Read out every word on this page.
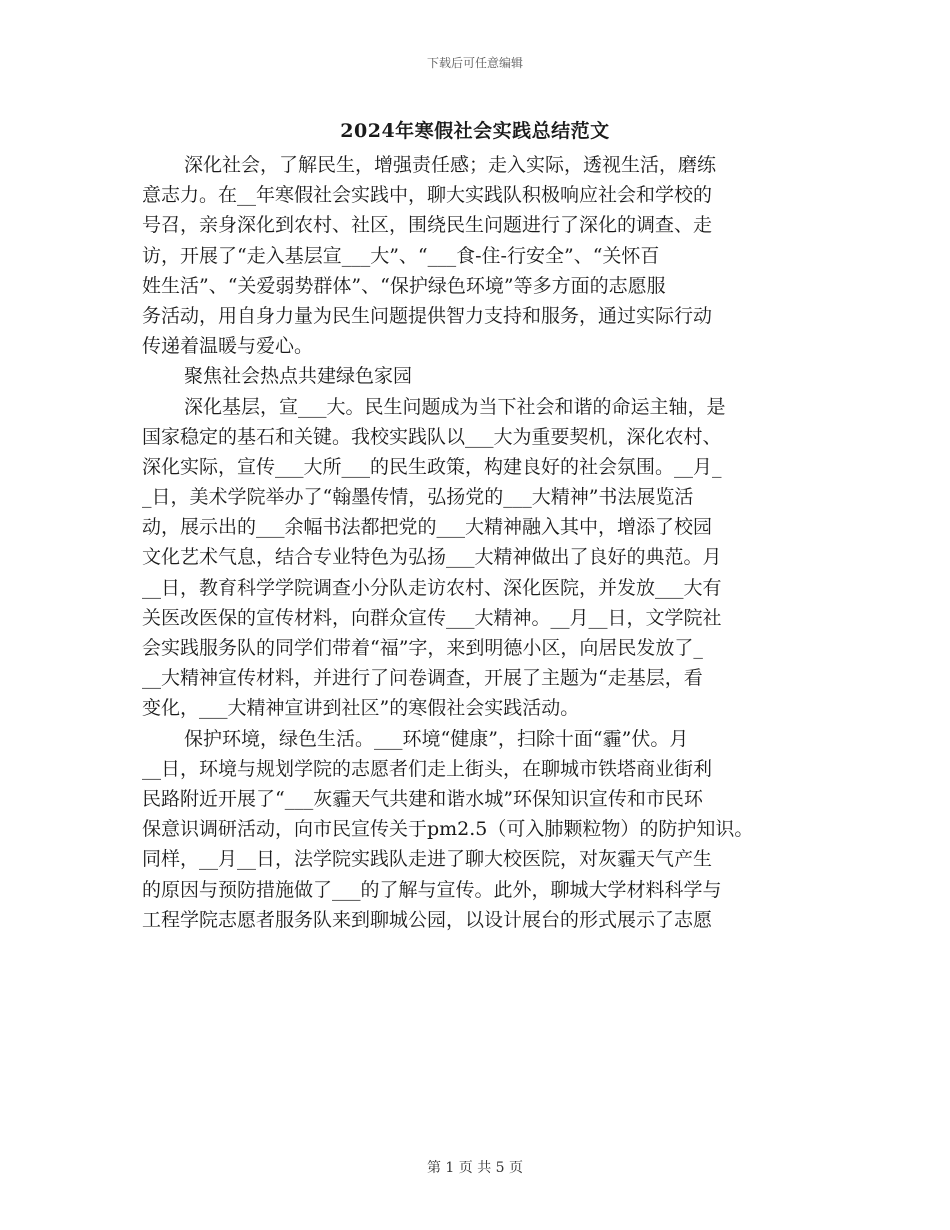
下载后可任意编辑
2024年寒假社会实践总结范文
深化社会，了解民生，增强责任感；走入实际，透视生活，磨练
意志力。在__年寒假社会实践中，聊大实践队积极响应社会和学校的
号召，亲身深化到农村、社区，围绕民生问题进行了深化的调查、走
访，开展了“走入基层宣___大”、“___食-住-行安全”、“关怀百
姓生活”、“关爱弱势群体”、“保护绿色环境”等多方面的志愿服
务活动，用自身力量为民生问题提供智力支持和服务，通过实际行动
传递着温暖与爱心。
聚焦社会热点共建绿色家园
深化基层，宣___大。民生问题成为当下社会和谐的命运主轴，是
国家稳定的基石和关键。我校实践队以___大为重要契机，深化农村、
深化实际，宣传___大所___的民生政策，构建良好的社会氛围。__月_
_日，美术学院举办了“翰墨传情，弘扬党的___大精神”书法展览活
动，展示出的___余幅书法都把党的___大精神融入其中，增添了校园
文化艺术气息，结合专业特色为弘扬___大精神做出了良好的典范。月
__日，教育科学学院调查小分队走访农村、深化医院，并发放___大有
关医改医保的宣传材料，向群众宣传___大精神。__月__日，文学院社
会实践服务队的同学们带着“福”字，来到明德小区，向居民发放了_
__大精神宣传材料，并进行了问卷调查，开展了主题为“走基层，看
变化，___大精神宣讲到社区”的寒假社会实践活动。
保护环境，绿色生活。___环境“健康”，扫除十面“霾”伏。月
__日，环境与规划学院的志愿者们走上街头，在聊城市铁塔商业街利
民路附近开展了“___灰霾天气共建和谐水城”环保知识宣传和市民环
保意识调研活动，向市民宣传关于pm2.5（可入肺颗粒物）的防护知识。
同样，__月__日，法学院实践队走进了聊大校医院，对灰霾天气产生
的原因与预防措施做了___的了解与宣传。此外，聊城大学材料科学与
工程学院志愿者服务队来到聊城公园，以设计展台的形式展示了志愿
第 1 页 共 5 页
